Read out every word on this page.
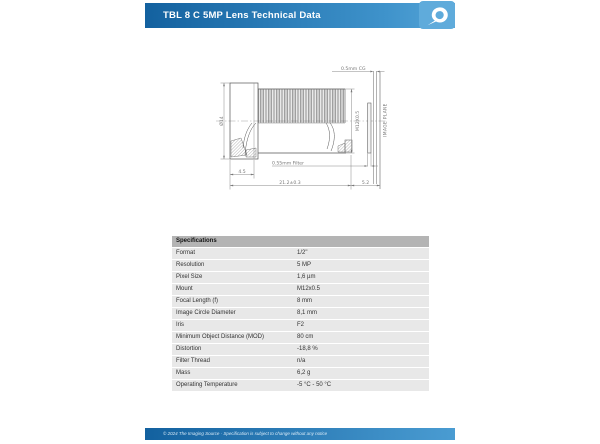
TBL 8 C 5MP Lens Technical Data
IMAGE PLANE
Ø14	M12X0.5
0.5mm CG
0.55mm Filter
4.5
21.2±0.3	5.2
Specifications
Format	1/2"
Resolution	5 MP
Pixel Size	1,6 µm
Mount	M12x0.5
Focal Length (f)	8 mm
Image Circle Diameter	8,1 mm
Iris	F2
Minimum Object Distance (MOD)	80 cm
Distortion	-18,8 %
Filter Thread	n/a
Mass	6,2 g
Operating Temperature	-5 °C - 50 °C
© 2024 The Imaging Source · Specification is subject to change without any notice
